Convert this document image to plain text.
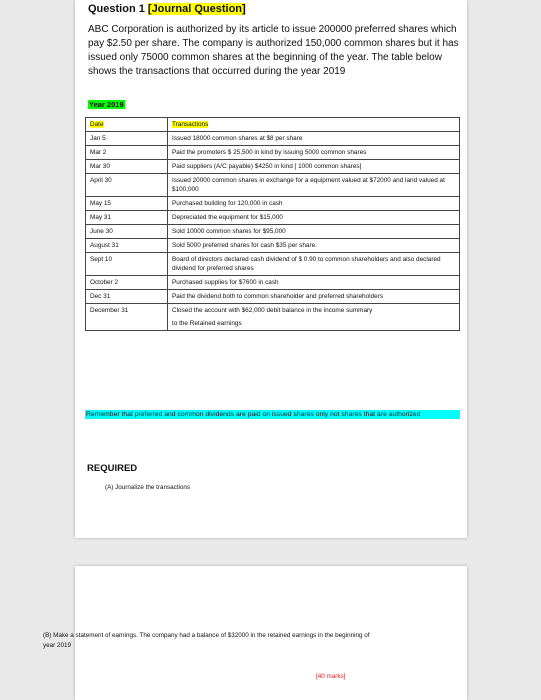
Question 1 [Journal Question]
ABC Corporation is authorized by its article to issue 200000 preferred shares which pay $2.50 per share. The company is authorized 150,000 common shares but it has issued only 75000 common shares at the beginning of the year. The table below shows the transactions that occurred during the year 2019
Year 2019
Date	Transactions
Jan 5	Issued 18000 common shares at $8 per share
Mar 2	Paid the promoters $ 25,500 in kind by issuing 5000 common shares
Mar 30	Paid suppliers (A/C payable) $4250 in kind [ 1000 common shares]
April 30	Issued 20000 common shares in exchange for a equipment valued at $72000 and land valued at $100,000
May 15	Purchased building for 120,000 in cash
May 31	Depreciated the equipment for $15,000
June 30	Sold 10000 common shares for $95,000
August 31	Sold 5000 preferred shares for cash $35 per share.
Sept 10	Board of directors declared cash dividend of $ 0.90 to common shareholders and also declared dividend for preferred shares
October 2	Purchased supplies for $7600 in cash
Dec 31	Paid the dividend both to common shareholder and preferred shareholders
December 31	Closed the account with $62,000 debit balance in the income summary
to the Retained earnings
Remember that preferred and common dividends are paid on issued shares only not shares that are authorized
REQUIRED
(A) Journalize the transactions
(B) Make a statement of earnings. The company had a balance of $32000 in the retained earnings in the beginning of year 2019
[40 marks]
